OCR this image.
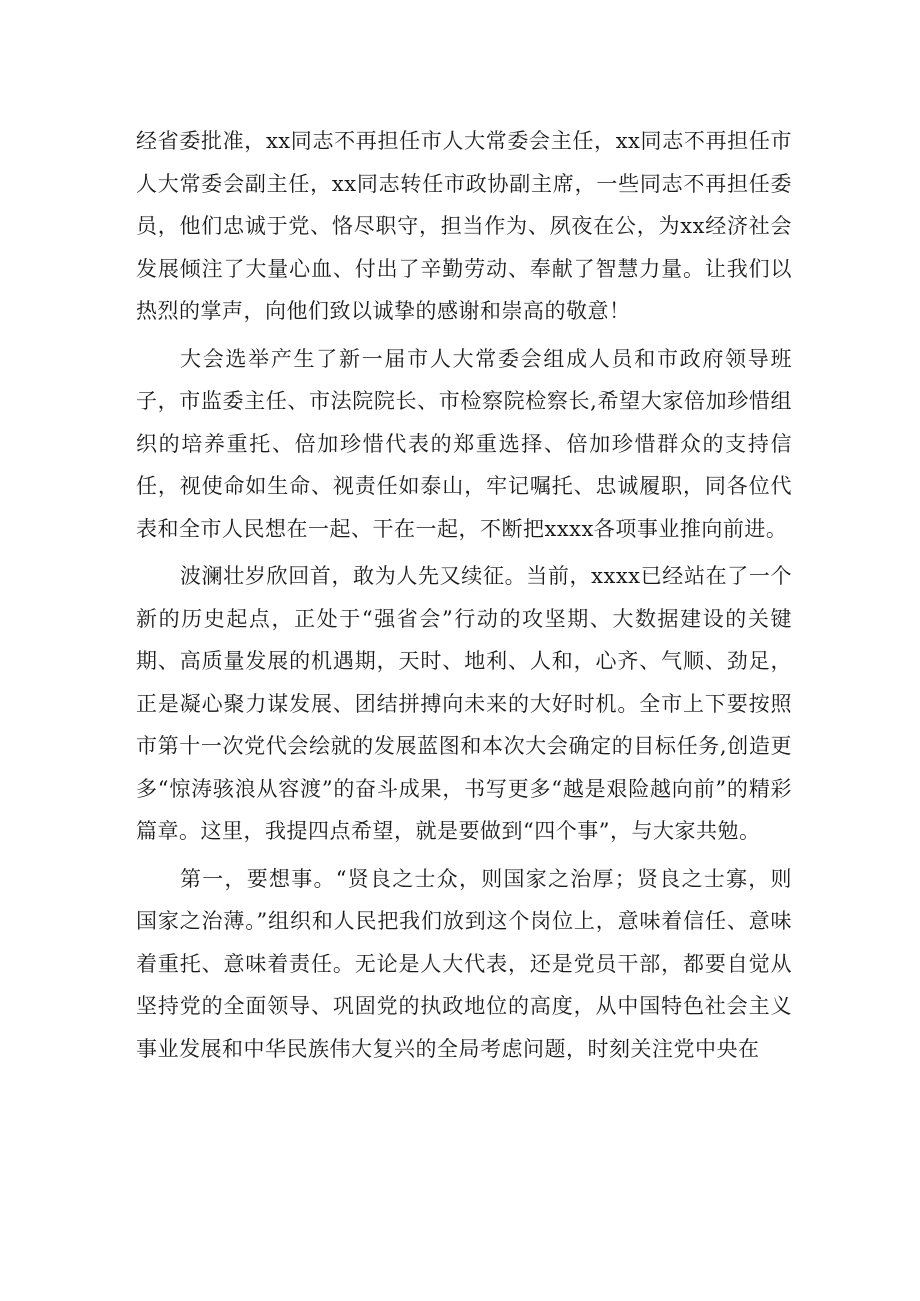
经省委批准，xx同志不再担任市人大常委会主任，xx同志不再担任市人大常委会副主任，xx同志转任市政协副主席，一些同志不再担任委员，他们忠诚于党、恪尽职守，担当作为、夙夜在公，为xx经济社会发展倾注了大量心血、付出了辛勤劳动、奉献了智慧力量。让我们以热烈的掌声，向他们致以诚挚的感谢和崇高的敬意！

大会选举产生了新一届市人大常委会组成人员和市政府领导班子，市监委主任、市法院院长、市检察院检察长,希望大家倍加珍惜组织的培养重托、倍加珍惜代表的郑重选择、倍加珍惜群众的支持信任，视使命如生命、视责任如泰山，牢记嘱托、忠诚履职，同各位代表和全市人民想在一起、干在一起，不断把xxxx各项事业推向前进。

波澜壮岁欣回首，敢为人先又续征。当前，xxxx已经站在了一个新的历史起点，正处于“强省会”行动的攻坚期、大数据建设的关键期、高质量发展的机遇期，天时、地利、人和，心齐、气顺、劲足，正是凝心聚力谋发展、团结拼搏向未来的大好时机。全市上下要按照市第十一次党代会绘就的发展蓝图和本次大会确定的目标任务,创造更多“惊涛骇浪从容渡”的奋斗成果，书写更多“越是艰险越向前”的精彩篇章。这里，我提四点希望，就是要做到“四个事”，与大家共勉。

第一，要想事。“贤良之士众，则国家之治厚；贤良之士寡，则国家之治薄。”组织和人民把我们放到这个岗位上，意味着信任、意味着重托、意味着责任。无论是人大代表，还是党员干部，都要自觉从坚持党的全面领导、巩固党的执政地位的高度，从中国特色社会主义事业发展和中华民族伟大复兴的全局考虑问题，时刻关注党中央在
